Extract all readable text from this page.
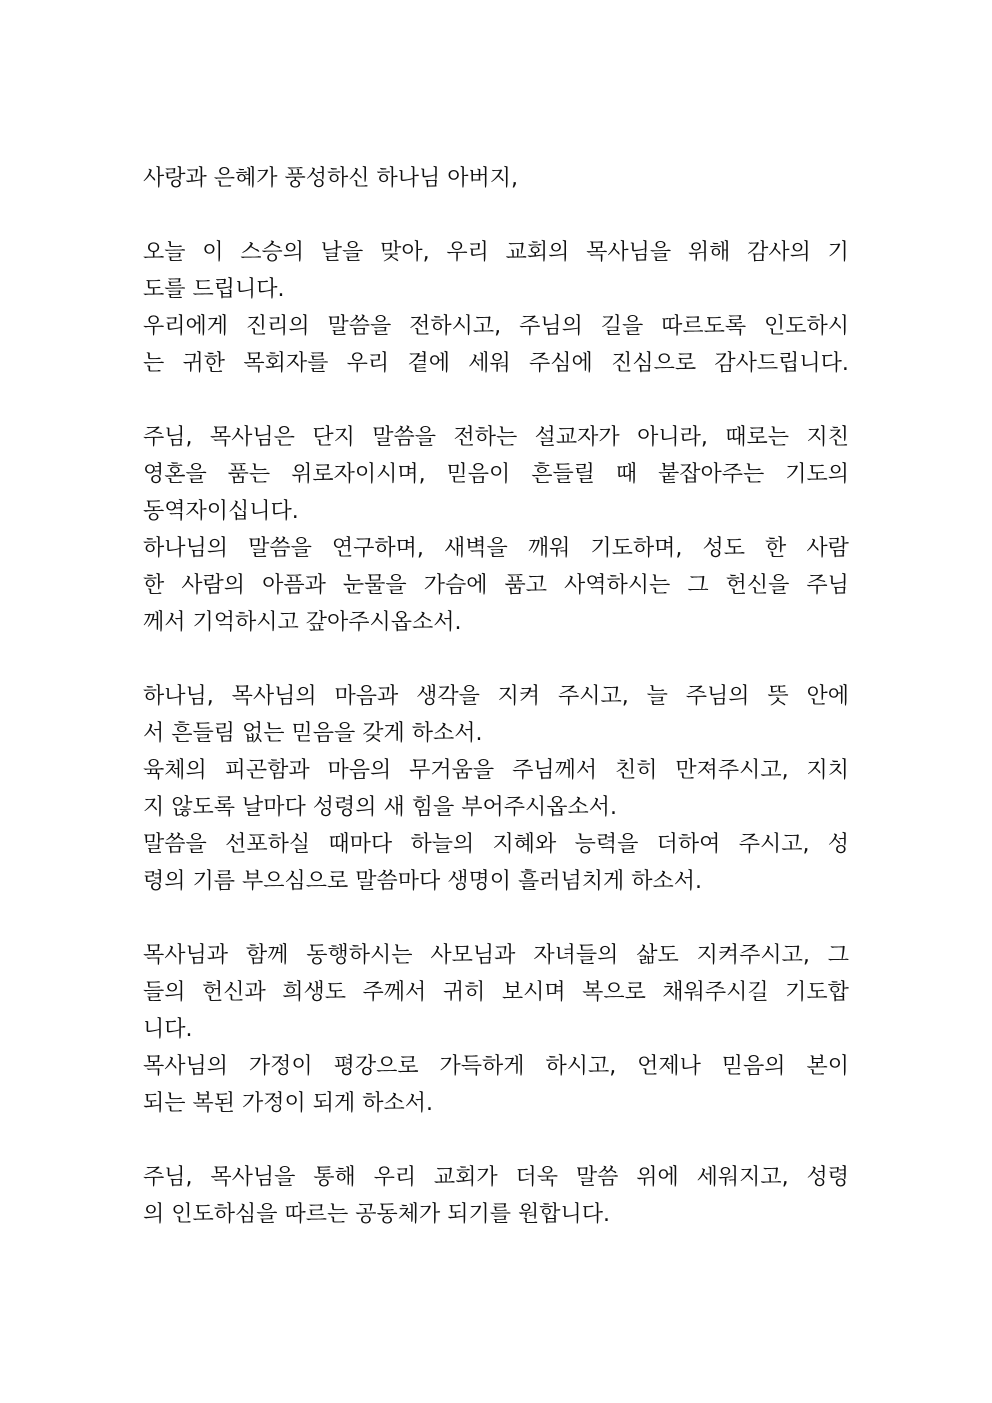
사랑과 은혜가 풍성하신 하나님 아버지,
오늘 이 스승의 날을 맞아, 우리 교회의 목사님을 위해 감사의 기
도를 드립니다.
우리에게 진리의 말씀을 전하시고, 주님의 길을 따르도록 인도하시
는 귀한 목회자를 우리 곁에 세워 주심에 진심으로 감사드립니다.
주님, 목사님은 단지 말씀을 전하는 설교자가 아니라, 때로는 지친
영혼을 품는 위로자이시며, 믿음이 흔들릴 때 붙잡아주는 기도의
동역자이십니다.
하나님의 말씀을 연구하며, 새벽을 깨워 기도하며, 성도 한 사람
한 사람의 아픔과 눈물을 가슴에 품고 사역하시는 그 헌신을 주님
께서 기억하시고 갚아주시옵소서.
하나님, 목사님의 마음과 생각을 지켜 주시고, 늘 주님의 뜻 안에
서 흔들림 없는 믿음을 갖게 하소서.
육체의 피곤함과 마음의 무거움을 주님께서 친히 만져주시고, 지치
지 않도록 날마다 성령의 새 힘을 부어주시옵소서.
말씀을 선포하실 때마다 하늘의 지혜와 능력을 더하여 주시고, 성
령의 기름 부으심으로 말씀마다 생명이 흘러넘치게 하소서.
목사님과 함께 동행하시는 사모님과 자녀들의 삶도 지켜주시고, 그
들의 헌신과 희생도 주께서 귀히 보시며 복으로 채워주시길 기도합
니다.
목사님의 가정이 평강으로 가득하게 하시고, 언제나 믿음의 본이
되는 복된 가정이 되게 하소서.
주님, 목사님을 통해 우리 교회가 더욱 말씀 위에 세워지고, 성령
의 인도하심을 따르는 공동체가 되기를 원합니다.
